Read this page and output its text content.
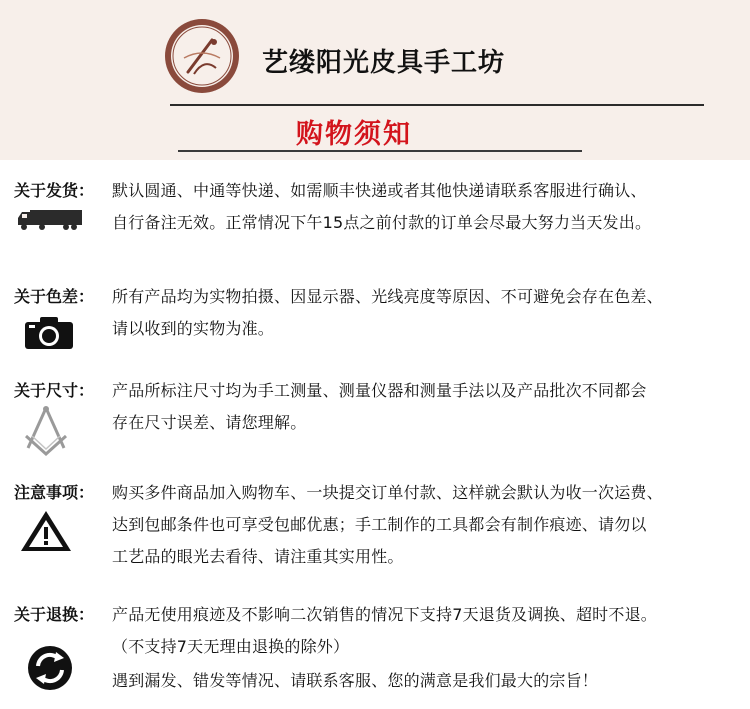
艺缕阳光皮具手工坊
购物须知
关于发货： 默认圆通、中通等快递、如需顺丰快递或者其他快递请联系客服进行确认、
自行备注无效。正常情况下午15点之前付款的订单会尽最大努力当天发出。
关于色差： 所有产品均为实物拍摄、因显示器、光线亮度等原因、不可避免会存在色差、
请以收到的实物为准。
关于尺寸： 产品所标注尺寸均为手工测量、测量仪器和测量手法以及产品批次不同都会
存在尺寸误差、请您理解。
注意事项： 购买多件商品加入购物车、一块提交订单付款、这样就会默认为收一次运费、
达到包邮条件也可享受包邮优惠；手工制作的工具都会有制作痕迹、请勿以
工艺品的眼光去看待、请注重其实用性。
关于退换： 产品无使用痕迹及不影响二次销售的情况下支持7天退货及调换、超时不退。
（不支持7天无理由退换的除外）
遇到漏发、错发等情况、请联系客服、您的满意是我们最大的宗旨！
